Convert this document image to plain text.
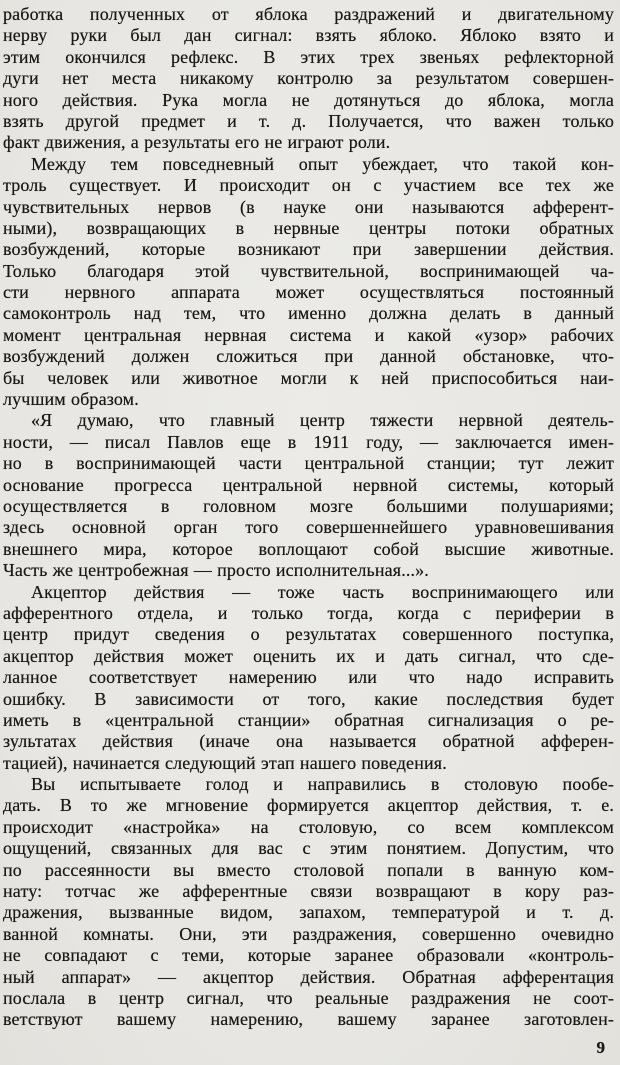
работка полученных от яблока раздражений и двигательному
нерву руки был дан сигнал: взять яблоко. Яблоко взято и
этим окончился рефлекс. В этих трех звеньях рефлекторной
дуги нет места никакому контролю за результатом совершен-
ного действия. Рука могла не дотянуться до яблока, могла
взять другой предмет и т. д. Получается, что важен только
факт движения, а результаты его не играют роли.
Между тем повседневный опыт убеждает, что такой кон-
троль существует. И происходит он с участием все тех же
чувствительных нервов (в науке они называются афферент-
ными), возвращающих в нервные центры потоки обратных
возбуждений, которые возникают при завершении действия.
Только благодаря этой чувствительной, воспринимающей ча-
сти нервного аппарата может осуществляться постоянный
самоконтроль над тем, что именно должна делать в данный
момент центральная нервная система и какой «узор» рабочих
возбуждений должен сложиться при данной обстановке, что-
бы человек или животное могли к ней приспособиться наи-
лучшим образом.
«Я думаю, что главный центр тяжести нервной деятель-
ности, — писал Павлов еще в 1911 году, — заключается имен-
но в воспринимающей части центральной станции; тут лежит
основание прогресса центральной нервной системы, который
осуществляется в головном мозге большими полушариями;
здесь основной орган того совершеннейшего уравновешивания
внешнего мира, которое воплощают собой высшие животные.
Часть же центробежная — просто исполнительная...».
Акцептор действия — тоже часть воспринимающего или
афферентного отдела, и только тогда, когда с периферии в
центр придут сведения о результатах совершенного поступка,
акцептор действия может оценить их и дать сигнал, что сде-
ланное соответствует намерению или что надо исправить
ошибку. В зависимости от того, какие последствия будет
иметь в «центральной станции» обратная сигнализация о ре-
зультатах действия (иначе она называется обратной афферен-
тацией), начинается следующий этап нашего поведения.
Вы испытываете голод и направились в столовую пообе-
дать. В то же мгновение формируется акцептор действия, т. е.
происходит «настройка» на столовую, со всем комплексом
ощущений, связанных для вас с этим понятием. Допустим, что
по рассеянности вы вместо столовой попали в ванную ком-
нату: тотчас же афферентные связи возвращают в кору раз-
дражения, вызванные видом, запахом, температурой и т. д.
ванной комнаты. Они, эти раздражения, совершенно очевидно
не совпадают с теми, которые заранее образовали «контроль-
ный аппарат» — акцептор действия. Обратная афферентация
послала в центр сигнал, что реальные раздражения не соот-
ветствуют вашему намерению, вашему заранее заготовлен-
9
